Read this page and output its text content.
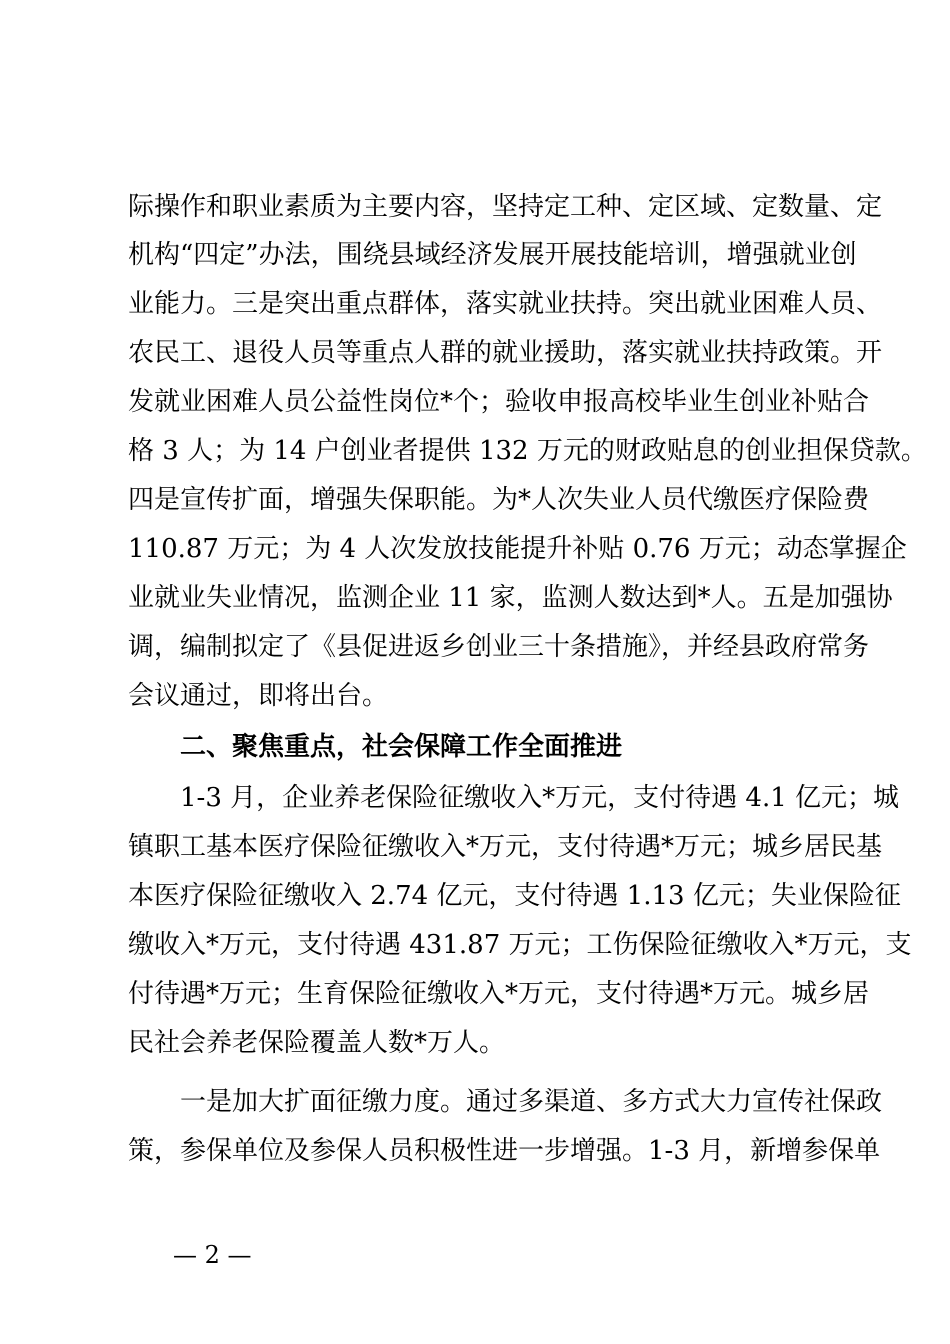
际操作和职业素质为主要内容，坚持定工种、定区域、定数量、定
机构“四定”办法，围绕县域经济发展开展技能培训，增强就业创
业能力。三是突出重点群体，落实就业扶持。突出就业困难人员、
农民工、退役人员等重点人群的就业援助，落实就业扶持政策。开
发就业困难人员公益性岗位*个；验收申报高校毕业生创业补贴合
格 3 人；为 14 户创业者提供 132 万元的财政贴息的创业担保贷款。
四是宣传扩面，增强失保职能。为*人次失业人员代缴医疗保险费
110.87 万元；为 4 人次发放技能提升补贴 0.76 万元；动态掌握企
业就业失业情况，监测企业 11 家，监测人数达到*人。五是加强协
调，编制拟定了《县促进返乡创业三十条措施》，并经县政府常务
会议通过，即将出台。
二、聚焦重点，社会保障工作全面推进
1-3 月，企业养老保险征缴收入*万元，支付待遇 4.1 亿元；城
镇职工基本医疗保险征缴收入*万元，支付待遇*万元；城乡居民基
本医疗保险征缴收入 2.74 亿元，支付待遇 1.13 亿元；失业保险征
缴收入*万元，支付待遇 431.87 万元；工伤保险征缴收入*万元，支
付待遇*万元；生育保险征缴收入*万元，支付待遇*万元。城乡居
民社会养老保险覆盖人数*万人。
一是加大扩面征缴力度。通过多渠道、多方式大力宣传社保政
策，参保单位及参保人员积极性进一步增强。1-3 月，新增参保单
— 2 —
